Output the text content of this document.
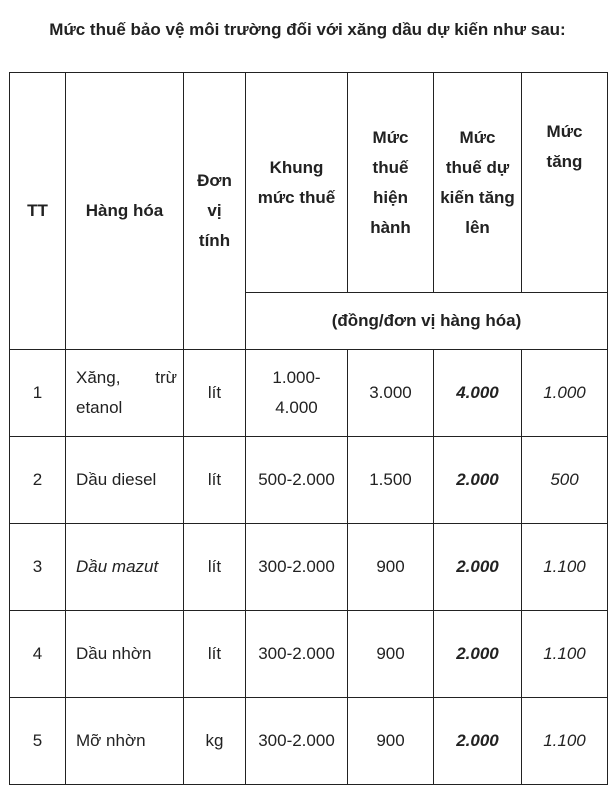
Mức thuế bảo vệ môi trường đối với xăng dầu dự kiến như sau:
TT	Hàng hóa	Đơn vị tính	Khung mức thuế	Mức thuế hiện hành	Mức thuế dự kiến tăng lên	Mức tăng
			(đồng/đơn vị hàng hóa)			
1	Xăng, trừ etanol	lít	1.000-4.000	3.000	4.000	1.000
2	Dầu diesel	lít	500-2.000	1.500	2.000	500
3	Dầu mazut	lít	300-2.000	900	2.000	1.100
4	Dầu nhờn	lít	300-2.000	900	2.000	1.100
5	Mỡ nhờn	kg	300-2.000	900	2.000	1.100
